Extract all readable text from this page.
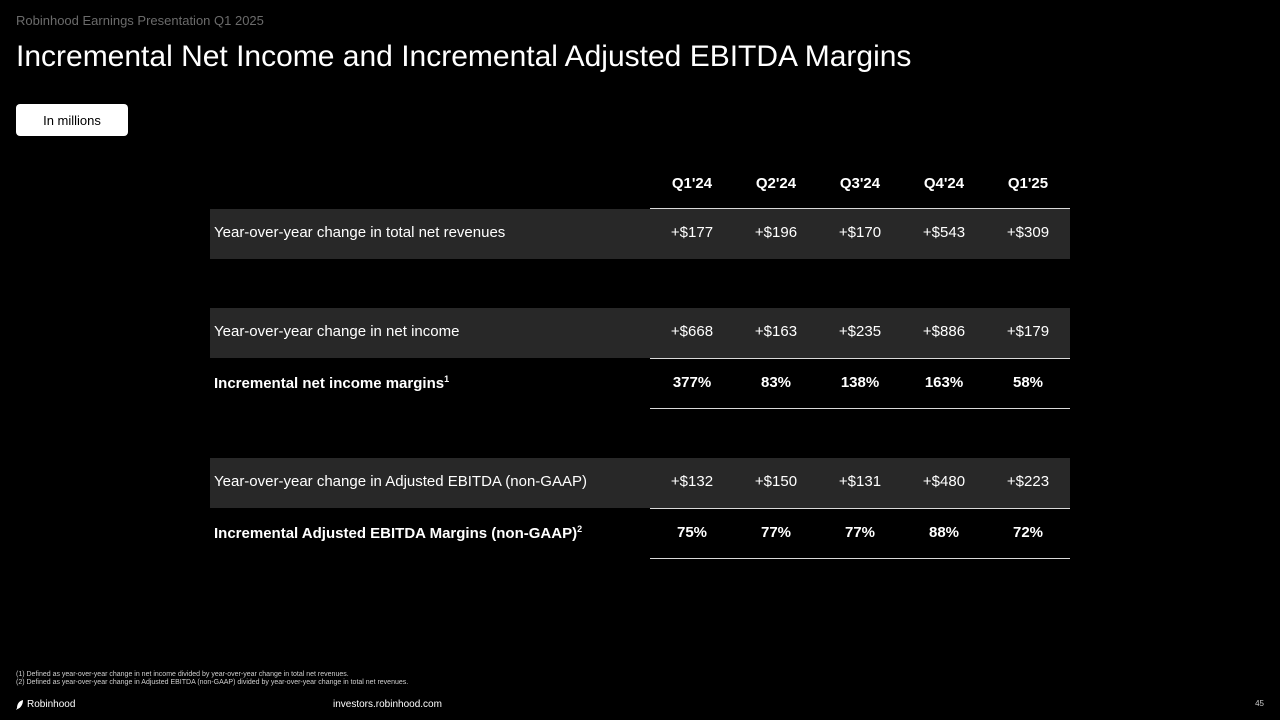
Robinhood Earnings Presentation Q1 2025
Incremental Net Income and Incremental Adjusted EBITDA Margins
In millions
Q1'24	Q2'24	Q3'24	Q4'24	Q1'25
Year-over-year change in total net revenues	+$177	+$196	+$170	+$543	+$309
Year-over-year change in net income	+$668	+$163	+$235	+$886	+$179
Incremental net income margins$^1$	377%	83%	138%	163%	58%
Year-over-year change in Adjusted EBITDA (non-GAAP)	+$132	+$150	+$131	+$480	+$223
Incremental Adjusted EBITDA Margins (non-GAAP)$^2$	75%	77%	77%	88%	72%
(1) Defined as year-over-year change in net income divided by year-over-year change in total net revenues.
(2) Defined as year-over-year change in Adjusted EBITDA (non-GAAP) divided by year-over-year change in total net revenues.
Robinhood	investors.robinhood.com	45
